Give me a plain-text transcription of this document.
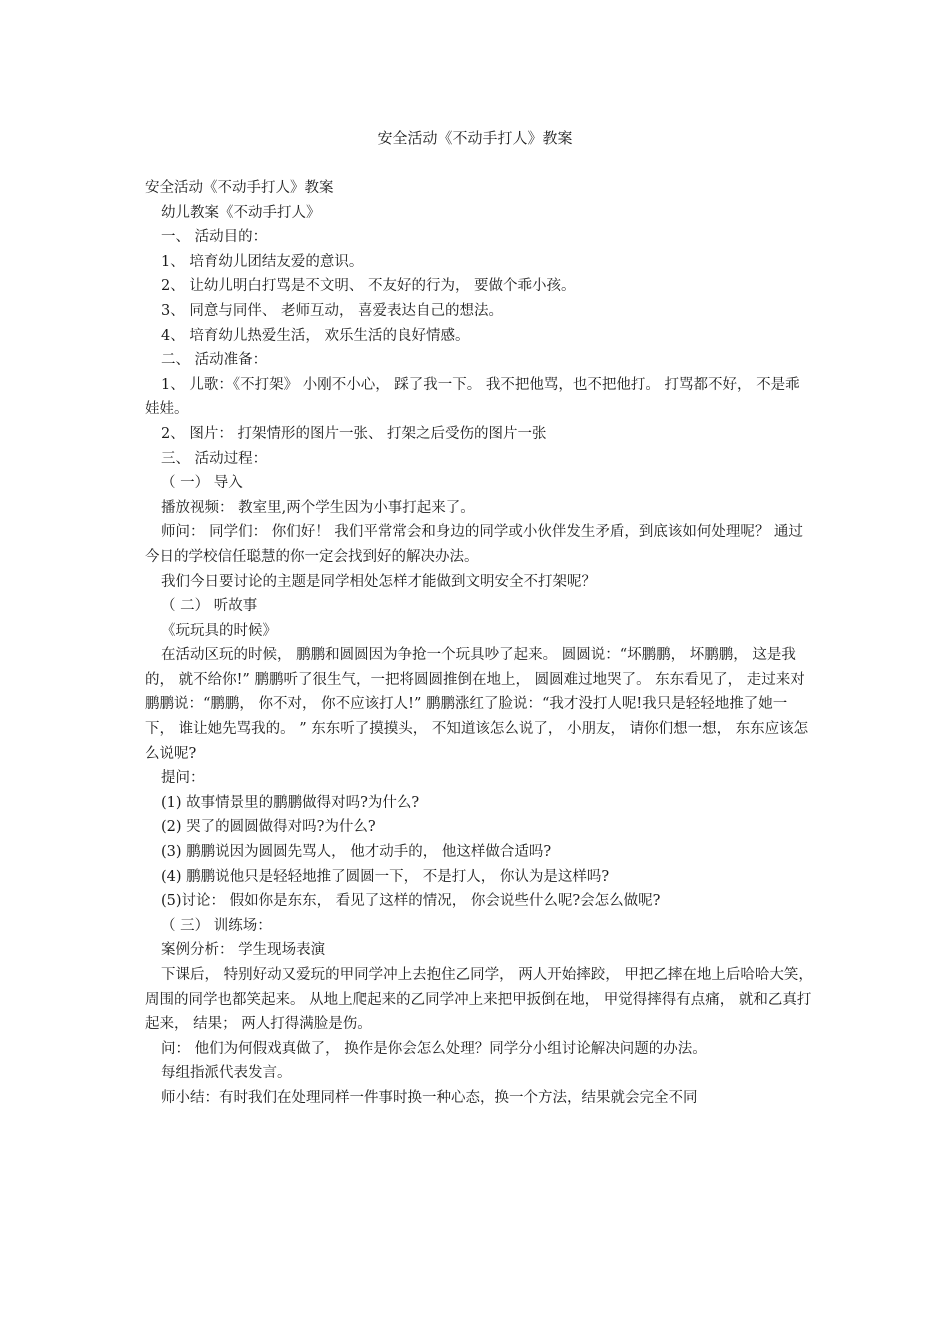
安全活动《不动手打人》教案

安全活动《不动手打人》教案

幼儿教案《不动手打人》

一、 活动目的：

1、 培育幼儿团结友爱的意识。

2、 让幼儿明白打骂是不文明、 不友好的行为， 要做个乖小孩。

3、 同意与同伴、 老师互动， 喜爱表达自己的想法。

4、 培育幼儿热爱生活， 欢乐生活的良好情感。

二、 活动准备：

1、 儿歌：《不打架》 小刚不小心， 踩了我一下。 我不把他骂，也不把他打。 打骂都不好， 不是乖娃娃。

2、 图片： 打架情形的图片一张、 打架之后受伤的图片一张

三、 活动过程：

（ 一） 导入

播放视频： 教室里,两个学生因为小事打起来了。

师问： 同学们： 你们好！ 我们平常常会和身边的同学或小伙伴发生矛盾，到底该如何处理呢？ 通过今日的学校信任聪慧的你一定会找到好的解决办法。

我们今日要讨论的主题是同学相处怎样才能做到文明安全不打架呢？

（ 二） 听故事

《玩玩具的时候》

在活动区玩的时候， 鹏鹏和圆圆因为争抢一个玩具吵了起来。 圆圆说：“坏鹏鹏， 坏鹏鹏， 这是我的， 就不给你!” 鹏鹏听了很生气，一把将圆圆推倒在地上， 圆圆难过地哭了。 东东看见了， 走过来对鹏鹏说：“鹏鹏， 你不对， 你不应该打人!” 鹏鹏涨红了脸说：“我才没打人呢!我只是轻轻地推了她一下， 谁让她先骂我的。 ” 东东听了摸摸头， 不知道该怎么说了， 小朋友， 请你们想一想， 东东应该怎么说呢?

提问：

(1) 故事情景里的鹏鹏做得对吗?为什么?

(2) 哭了的圆圆做得对吗?为什么?

(3) 鹏鹏说因为圆圆先骂人， 他才动手的， 他这样做合适吗?

(4) 鹏鹏说他只是轻轻地推了圆圆一下， 不是打人， 你认为是这样吗?

(5)讨论： 假如你是东东， 看见了这样的情况， 你会说些什么呢?会怎么做呢?

（ 三） 训练场：

案例分析： 学生现场表演

下课后， 特别好动又爱玩的甲同学冲上去抱住乙同学， 两人开始摔跤， 甲把乙摔在地上后哈哈大笑， 周围的同学也都笑起来。 从地上爬起来的乙同学冲上来把甲扳倒在地， 甲觉得摔得有点痛， 就和乙真打起来， 结果； 两人打得满脸是伤。

问： 他们为何假戏真做了， 换作是你会怎么处理？同学分小组讨论解决问题的办法。

每组指派代表发言。

师小结：有时我们在处理同样一件事时换一种心态，换一个方法，结果就会完全不同
